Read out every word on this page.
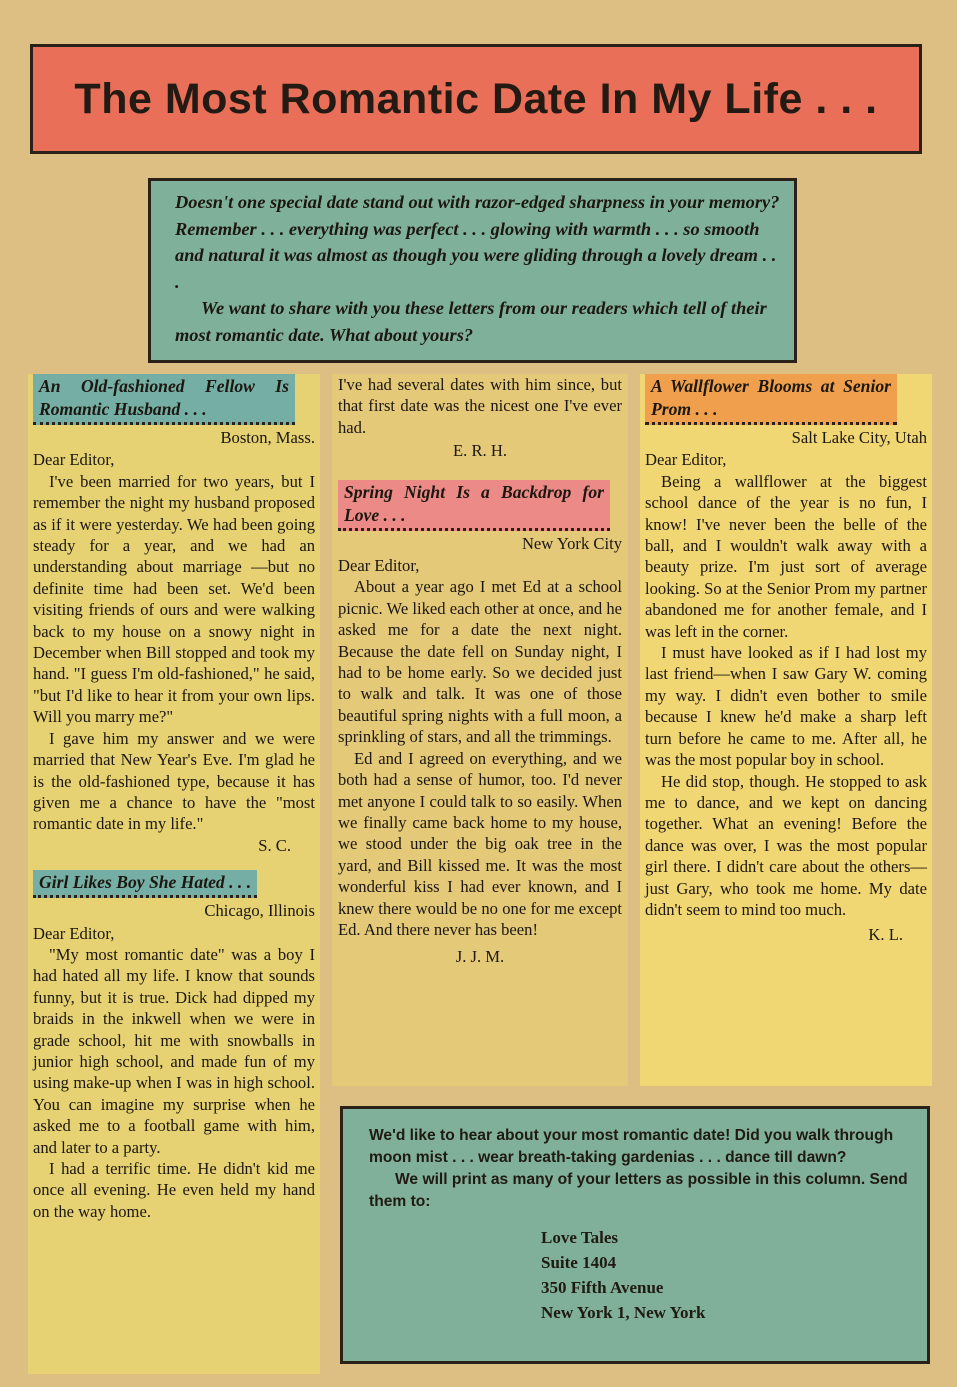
The Most Romantic Date In My Life . . .

Doesn't one special date stand out with razor-edged sharpness in your memory? Remember . . . everything was perfect . . . glowing with warmth . . . so smooth and natural it was almost as though you were gliding through a lovely dream . . .

We want to share with you these letters from our readers which tell of their most romantic date. What about yours?

An Old-fashioned Fellow Is Romantic Husband . . .
Boston, Mass.
Dear Editor,

I've been married for two years, but I remember the night my husband proposed as if it were yesterday. We had been going steady for a year, and we had an understanding about marriage —but no definite time had been set. We'd been visiting friends of ours and were walking back to my house on a snowy night in December when Bill stopped and took my hand. "I guess I'm old-fashioned," he said, "but I'd like to hear it from your own lips. Will you marry me?"

I gave him my answer and we were married that New Year's Eve. I'm glad he is the old-fashioned type, because it has given me a chance to have the "most romantic date in my life."

S. C.
Girl Likes Boy She Hated . . .
Chicago, Illinois
Dear Editor,

"My most romantic date" was a boy I had hated all my life. I know that sounds funny, but it is true. Dick had dipped my braids in the inkwell when we were in grade school, hit me with snowballs in junior high school, and made fun of my using make-up when I was in high school. You can imagine my surprise when he asked me to a football game with him, and later to a party.

I had a terrific time. He didn't kid me once all evening. He even held my hand on the way home.

I've had several dates with him since, but that first date was the nicest one I've ever had.

E. R. H.
Spring Night Is a Backdrop for Love . . .
New York City
Dear Editor,

About a year ago I met Ed at a school picnic. We liked each other at once, and he asked me for a date the next night. Because the date fell on Sunday night, I had to be home early. So we decided just to walk and talk. It was one of those beautiful spring nights with a full moon, a sprinkling of stars, and all the trimmings.

Ed and I agreed on everything, and we both had a sense of humor, too. I'd never met anyone I could talk to so easily. When we finally came back home to my house, we stood under the big oak tree in the yard, and Bill kissed me. It was the most wonderful kiss I had ever known, and I knew there would be no one for me except Ed. And there never has been!

J. J. M.
A Wallflower Blooms at Senior Prom . . .
Salt Lake City, Utah
Dear Editor,

Being a wallflower at the biggest school dance of the year is no fun, I know! I've never been the belle of the ball, and I wouldn't walk away with a beauty prize. I'm just sort of average looking. So at the Senior Prom my partner abandoned me for another female, and I was left in the corner.

I must have looked as if I had lost my last friend—when I saw Gary W. coming my way. I didn't even bother to smile because I knew he'd make a sharp left turn before he came to me. After all, he was the most popular boy in school.

He did stop, though. He stopped to ask me to dance, and we kept on dancing together. What an evening! Before the dance was over, I was the most popular girl there. I didn't care about the others—just Gary, who took me home. My date didn't seem to mind too much.

K. L.

We'd like to hear about your most romantic date! Did you walk through moon mist . . . wear breath-taking gardenias . . . dance till dawn?

We will print as many of your letters as possible in this column. Send them to:

Love Tales
Suite 1404
350 Fifth Avenue
New York 1, New York
